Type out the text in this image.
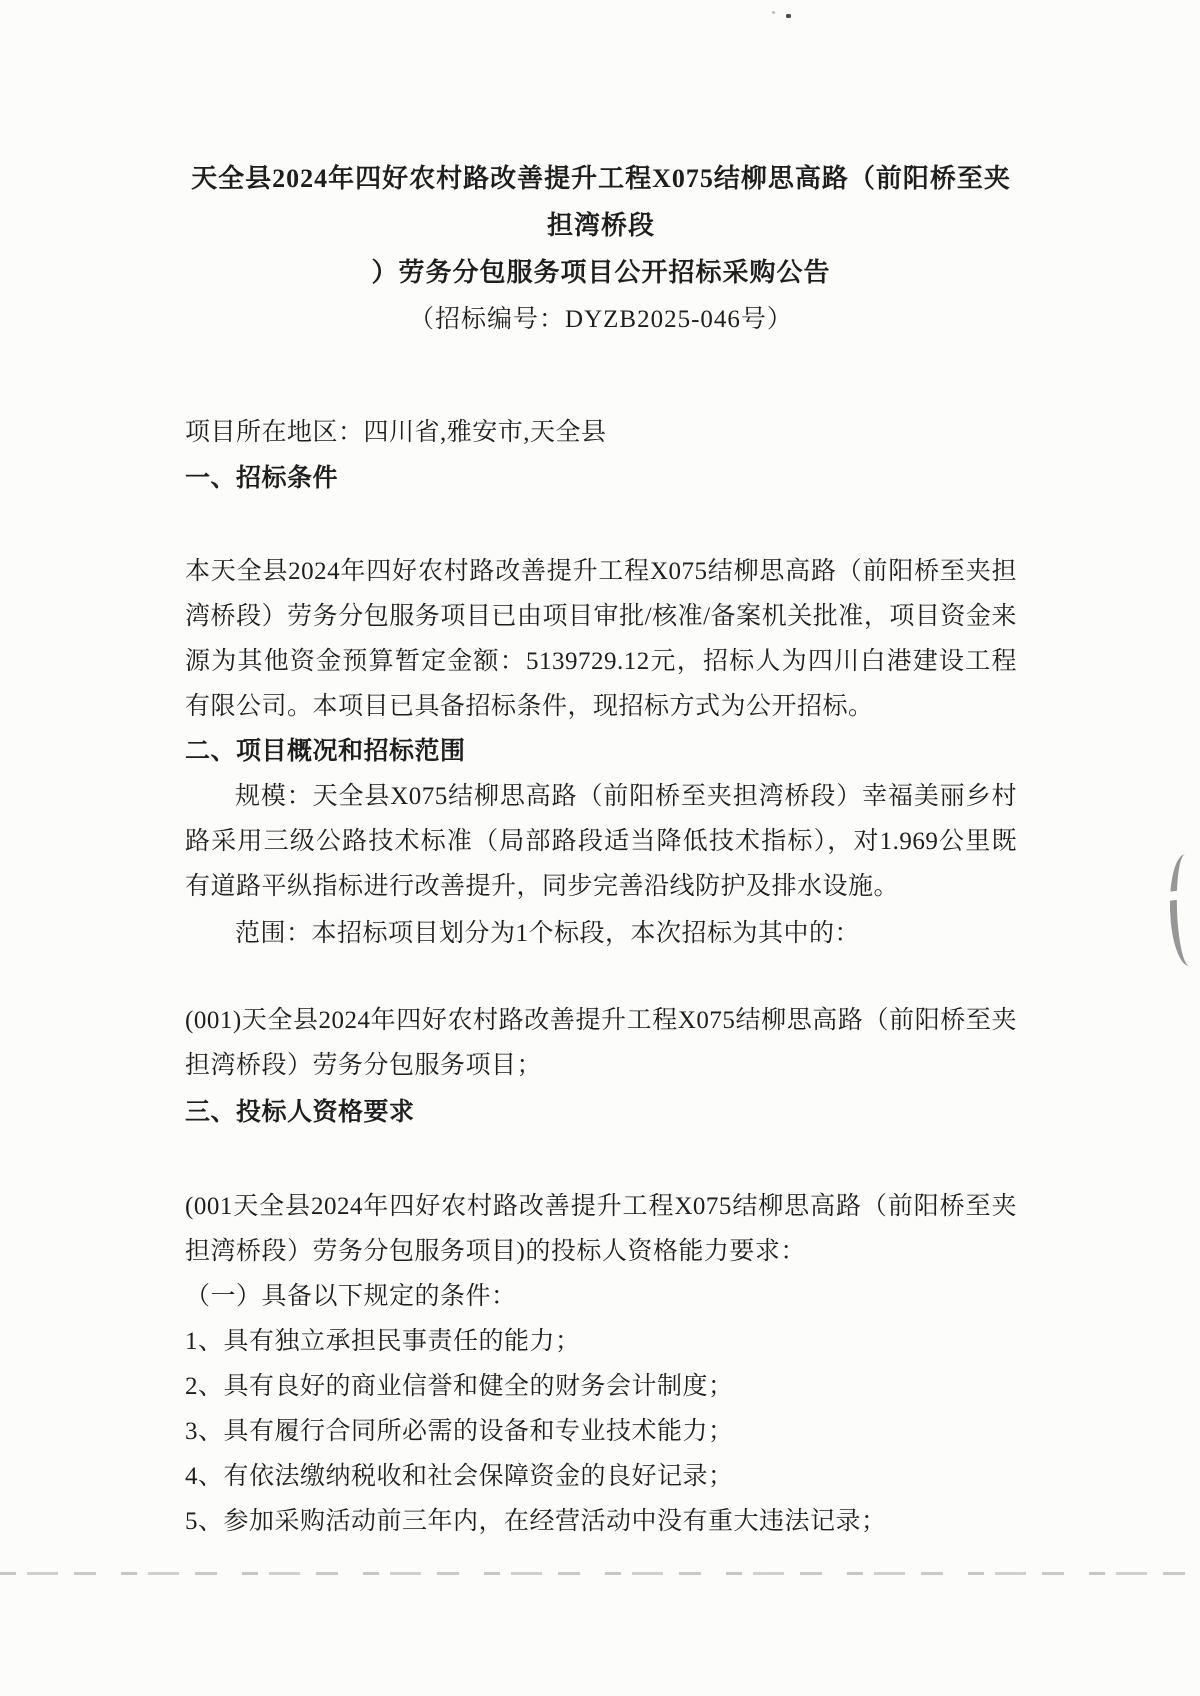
天全县2024年四好农村路改善提升工程X075结柳思高路（前阳桥至夹担湾桥段
）劳务分包服务项目公开招标采购公告
（招标编号：DYZB2025-046号）
项目所在地区：四川省,雅安市,天全县
一、招标条件

本天全县2024年四好农村路改善提升工程X075结柳思高路（前阳桥至夹担湾桥段）劳务分包服务项目已由项目审批/核准/备案机关批准，项目资金来源为其他资金预算暂定金额：5139729.12元，招标人为四川白港建设工程有限公司。本项目已具备招标条件，现招标方式为公开招标。

二、项目概况和招标范围

规模：天全县X075结柳思高路（前阳桥至夹担湾桥段）幸福美丽乡村路采用三级公路技术标准（局部路段适当降低技术指标），对1.969公里既有道路平纵指标进行改善提升，同步完善沿线防护及排水设施。

范围：本招标项目划分为1个标段，本次招标为其中的：

(001)天全县2024年四好农村路改善提升工程X075结柳思高路（前阳桥至夹担湾桥段）劳务分包服务项目；

三、投标人资格要求

(001天全县2024年四好农村路改善提升工程X075结柳思高路（前阳桥至夹担湾桥段）劳务分包服务项目)的投标人资格能力要求：

（一）具备以下规定的条件：
1、具有独立承担民事责任的能力；
2、具有良好的商业信誉和健全的财务会计制度；
3、具有履行合同所必需的设备和专业技术能力；
4、有依法缴纳税收和社会保障资金的良好记录；
5、参加采购活动前三年内，在经营活动中没有重大违法记录；
